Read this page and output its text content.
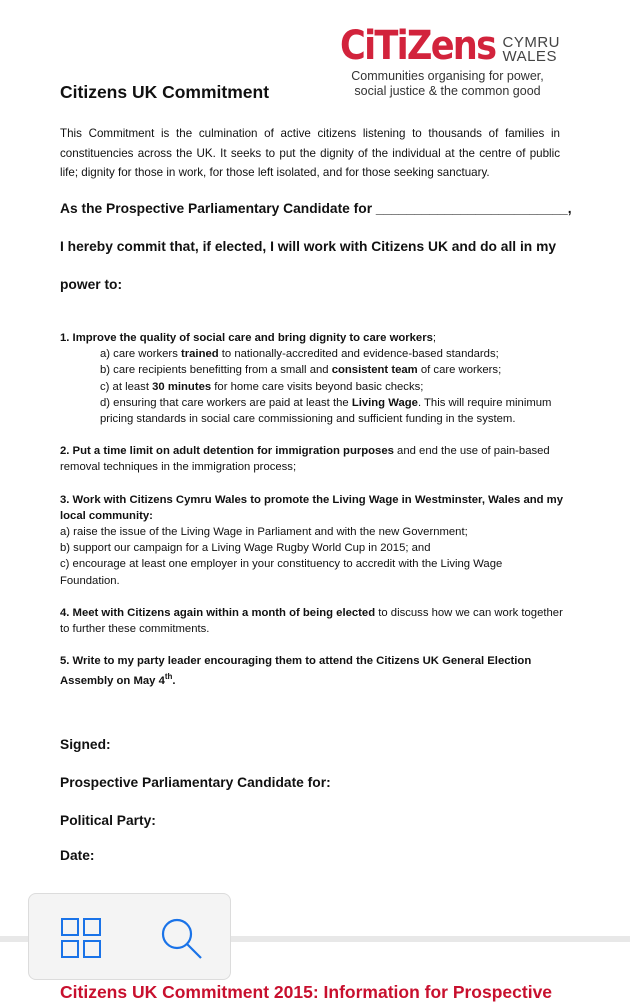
CiTiZens CYMRU
WALES
Communities organising for power,
social justice & the common good
Citizens UK Commitment
This Commitment is the culmination of active citizens listening to thousands of families in constituencies across the UK. It seeks to put the dignity of the individual at the centre of public life; dignity for those in work, for those left isolated, and for those seeking sanctuary.
As the Prospective Parliamentary Candidate for _________________________,
I hereby commit that, if elected, I will work with Citizens UK and do all in my
power to:
1. Improve the quality of social care and bring dignity to care workers;
a) care workers trained to nationally-accredited and evidence-based standards;
b) care recipients benefitting from a small and consistent team of care workers;
c) at least 30 minutes for home care visits beyond basic checks;
d) ensuring that care workers are paid at least the Living Wage. This will require minimum pricing standards in social care commissioning and sufficient funding in the system.
2. Put a time limit on adult detention for immigration purposes and end the use of pain-based removal techniques in the immigration process;
3. Work with Citizens Cymru Wales to promote the Living Wage in Westminster, Wales and my local community:
a) raise the issue of the Living Wage in Parliament and with the new Government;
b) support our campaign for a Living Wage Rugby World Cup in 2015; and
c) encourage at least one employer in your constituency to accredit with the Living Wage Foundation.
4. Meet with Citizens again within a month of being elected to discuss how we can work together to further these commitments.
5. Write to my party leader encouraging them to attend the Citizens UK General Election Assembly on May 4th.
Signed:
Prospective Parliamentary Candidate for:
Political Party:
Date:
Citizens UK Commitment 2015: Information for Prospective
